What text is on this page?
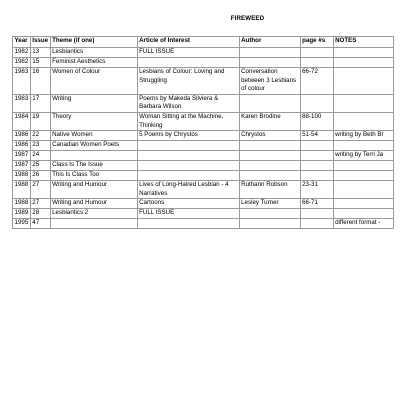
FIREWEED
Year	Issue	Theme (if one)	Article of Interest	Author	page #s	NOTES
1982	13	Lesbiantics	FULL ISSUE			
1982	15	Feminist Aesthetics				
1983	16	Women of Colour	Lesbians of Colour: Loving and Struggling	Conversation between 3 Lesbians of colour	66-72	
1983	17	Writing	Poems by Makeda Silviera & Barbara Wilson			
1984	19	Theory	Woman Sitting at the Machine, Thinking	Karen Brodine	88-100	
1986	22	Native Women	5 Poems by Chrystos	Chrystos	51-54	writing by Beth Br
1986	23	Canadian Women Poets				
1987	24					writing by Terri Ja
1987	25	Class Is The Issue				
1988	26	This Is Class Too				
1988	27	Writing and Humour	Lives of Long-Haired Lesbian - 4 Narratives	Ruthann Robson	23-31	
1988	27	Writing and Humour	Cartoons	Lesley Turner	66-71	
1989	28	Lesbiantics 2	FULL ISSUE			
1995	47					different format -
